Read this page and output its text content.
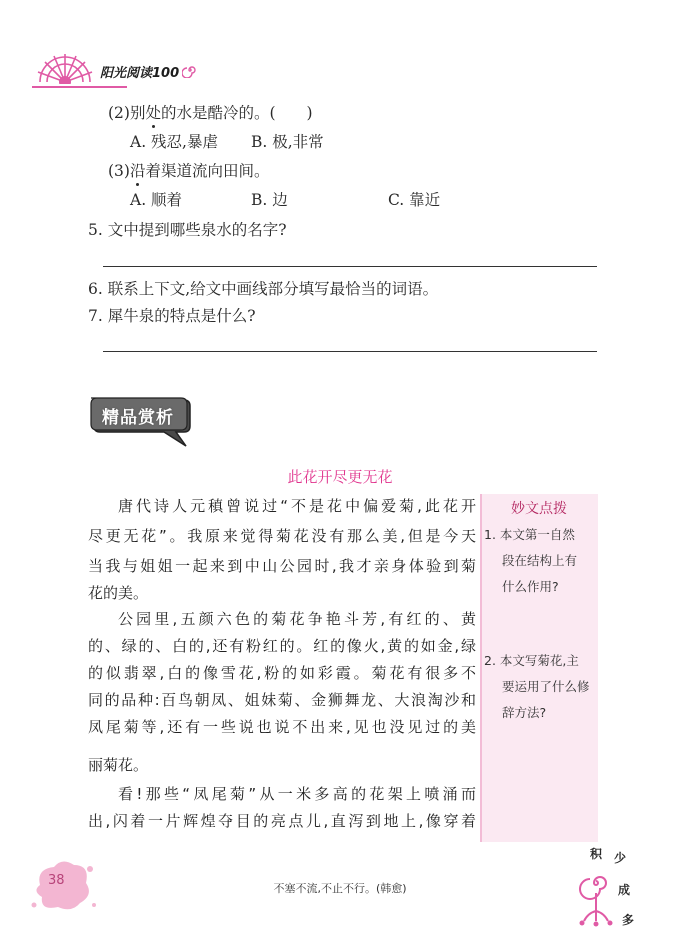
阳光阅读100
(2)别处的水是酷冷的。(　　)
A. 残忍,暴虐 B. 极,非常
(3)沿着渠道流向田间。
A. 顺着	B. 边	C. 靠近
5. 文中提到哪些泉水的名字?
6. 联系上下文,给文中画线部分填写最恰当的词语。
7. 犀牛泉的特点是什么?
精品赏析
此花开尽更无花
妙文点拨
1. 本文第一自然
段在结构上有
什么作用?
2. 本文写菊花,主
要运用了什么修
辞方法?
唐代诗人元稹曾说过“不是花中偏爱菊,此花开
尽更无花”。我原来觉得菊花没有那么美,但是今天
当我与姐姐一起来到中山公园时,我才亲身体验到菊
花的美。
公园里,五颜六色的菊花争艳斗芳,有红的、黄
的、绿的、白的,还有粉红的。红的像火,黄的如金,绿
的似翡翠,白的像雪花,粉的如彩霞。菊花有很多不
同的品种:百鸟朝凤、姐妹菊、金狮舞龙、大浪淘沙和
凤尾菊等,还有一些说也说不出来,见也没见过的美
丽菊花。
看!那些“凤尾菊”从一米多高的花架上喷涌而
出,闪着一片辉煌夺目的亮点儿,直泻到地上,像穿着
38
不塞不流,不止不行。(韩愈)
积 少
成
多
